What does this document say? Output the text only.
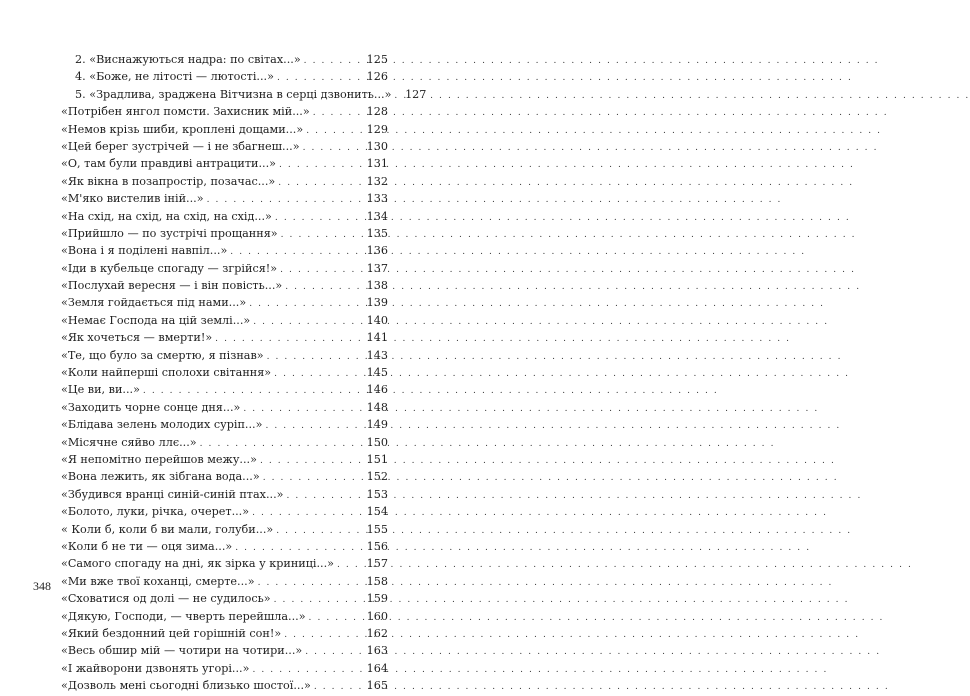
2. «Виснажуються надра: по світах...» . . .	125
4. «Боже, не літості — лютості...» . . .	126
5. «Зрадлива, зраджена Вітчизна в серці дзвонить...» . . . 127
«Потрібен янгол помсти. Захисник мій...» . . .	128
«Немов крізь шиби, кроплені дощами...» . . .	129
«Цей берег зустрічей — і не збагнеш...» . . .	130
«О, там були правдиві антрацити...» . . .	131
«Як вікна в позапростір, позачас...» . . .	132
«М'яко вистелив іній...» . . .	133
«На схід, на схід, на схід, на схід...» . . .	134
«Прийшло — по зустрічі прощання» . . .	135
«Вона і я поділені навпіл...» . . .	136
«Іди в кубельце спогаду — згрійся!» . . .	137
«Послухай вересня — і він повість...» . . .	138
«Земля гойдається під нами...» . . .	139
«Немає Господа на цій землі...» . . .	140
«Як хочеться — вмерти!» . . .	141
«Те, що було за смертю, я пізнав» . . .	143
«Коли найперші сполохи світання» . . .	145
«Це ви, ви...» . . .	146
«Заходить чорне сонце дня...» . . .	148
«Блідава зелень молодих суріп...» . . .	149
«Місячне сяйво ллє...» . . .	150
«Я непомітно перейшов межу...» . . .	151
«Вона лежить, як зібгана вода...» . . .	152
«Збудився вранці синій-синій птах...» . . .	153
«Болото, луки, річка, очерет...» . . .	154
« Коли б, коли б ви мали, голуби...» . . .	155
«Коли б не ти — оця зима...» . . .	156
«Самого спогаду на дні, як зірка у криниці...» . . .	157
«Ми вже твої коханці, смерте...» . . .	158
«Сховатися од долі — не судилось» . . .	159
«Дякую, Господи, — чверть перейшла...» . . .	160
«Який бездонний цей горішній сон!» . . .	162
«Весь обшир мій — чотири на чотири...» . . .	163
«І жайворони дзвонять угорі...» . . .	164
«Дозволь мені сьогодні близько шостої...» . . .	165
348
